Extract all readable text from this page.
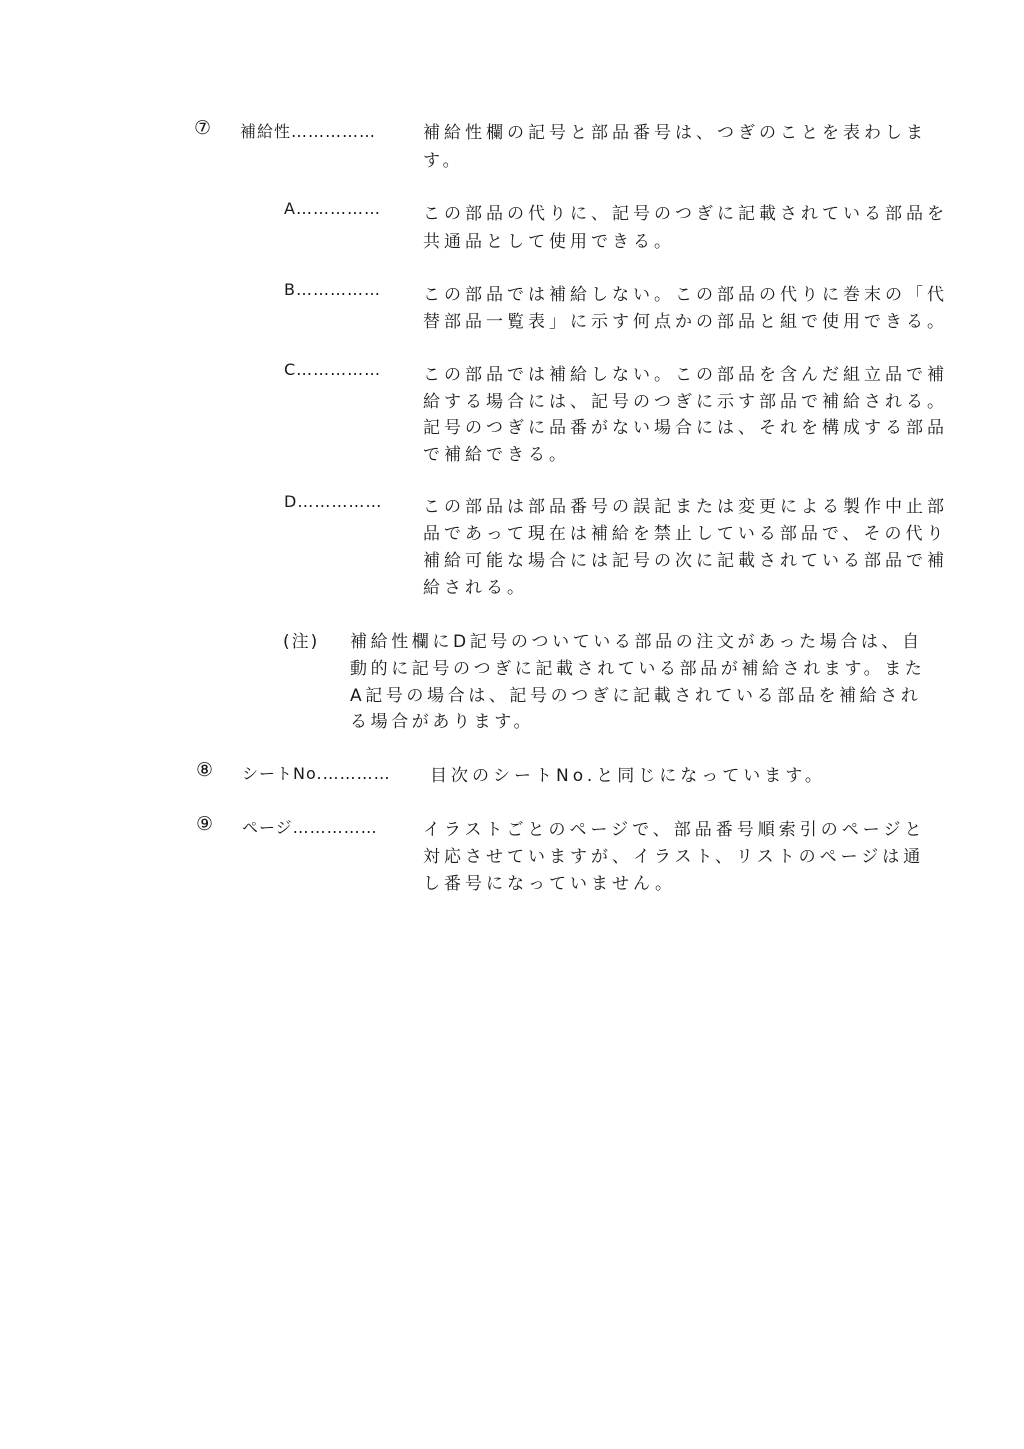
⑦ 補給性……………	補給性欄の記号と部品番号は、つぎのことを表わしま

す。

A…………… この部品の代りに、記号のつぎに記載されている部品を

共通品として使用できる。

B…………… この部品では補給しない。この部品の代りに巻末の「代

替部品一覧表」に示す何点かの部品と組で使用できる。

C…………… この部品では補給しない。この部品を含んだ組立品で補

給する場合には、記号のつぎに示す部品で補給される。

記号のつぎに品番がない場合には、それを構成する部品

で補給できる。

D…………… この部品は部品番号の誤記または変更による製作中止部

品であって現在は補給を禁止している部品で、その代り

補給可能な場合には記号の次に記載されている部品で補

給される。

(注) 補給性欄にD記号のついている部品の注文があった場合は、自

動的に記号のつぎに記載されている部品が補給されます。また

A記号の場合は、記号のつぎに記載されている部品を補給され

る場合があります。

⑧ シートNo.………… 目次のシートNo.と同じになっています。

⑨ ページ……………	イラストごとのページで、部品番号順索引のページと

対応させていますが、イラスト、リストのページは通

し番号になっていません。
